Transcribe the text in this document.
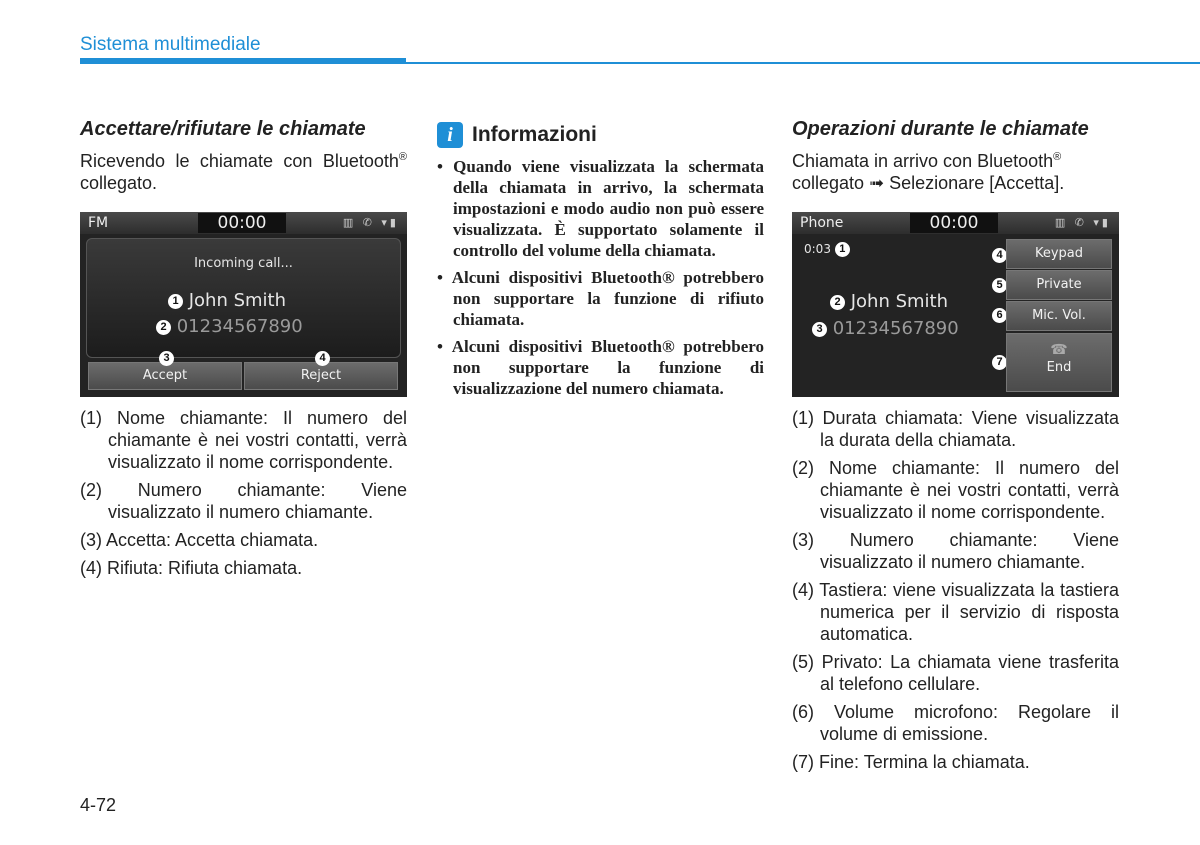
Sistema multimediale
Accettare/rifiutare le chiamate

Ricevendo le chiamate con Bluetooth® collegato.

FM	00:00	▥ ✆ ▾▮
Incoming call...
1 John Smith
2 01234567890
3
Accept
4
Reject
(1) Nome chiamante: Il numero del chiamante è nei vostri contatti, verrà visualizzato il nome corrispondente.
(2) Numero chiamante: Viene visualizzato il numero chiamante.
(3) Accetta: Accetta chiamata.
(4) Rifiuta: Rifiuta chiamata.
i Informazioni
• Quando viene visualizzata la schermata della chiamata in arrivo, la schermata impostazioni e modo audio non può essere visualizzata. È supportato solamente il controllo del volume della chiamata.
• Alcuni dispositivi Bluetooth® potrebbero non supportare la funzione di rifiuto chiamata.
• Alcuni dispositivi Bluetooth® potrebbero non supportare la funzione di visualizzazione del numero chiamata.
Operazioni durante le chiamate

Chiamata in arrivo con Bluetooth® collegato ➟ Selezionare [Accetta].

Phone	00:00	▥ ✆ ▾▮
0:03 1
2 John Smith
3 01234567890
4
5
6
7
Keypad
Private
Mic. Vol.
☎
End
(1) Durata chiamata: Viene visualizzata la durata della chiamata.
(2) Nome chiamante: Il numero del chiamante è nei vostri contatti, verrà visualizzato il nome corrispondente.
(3) Numero chiamante: Viene visualizzato il numero chiamante.
(4) Tastiera: viene visualizzata la tastiera numerica per il servizio di risposta automatica.
(5) Privato: La chiamata viene trasferita al telefono cellulare.
(6) Volume microfono: Regolare il volume di emissione.
(7) Fine: Termina la chiamata.
4-72
